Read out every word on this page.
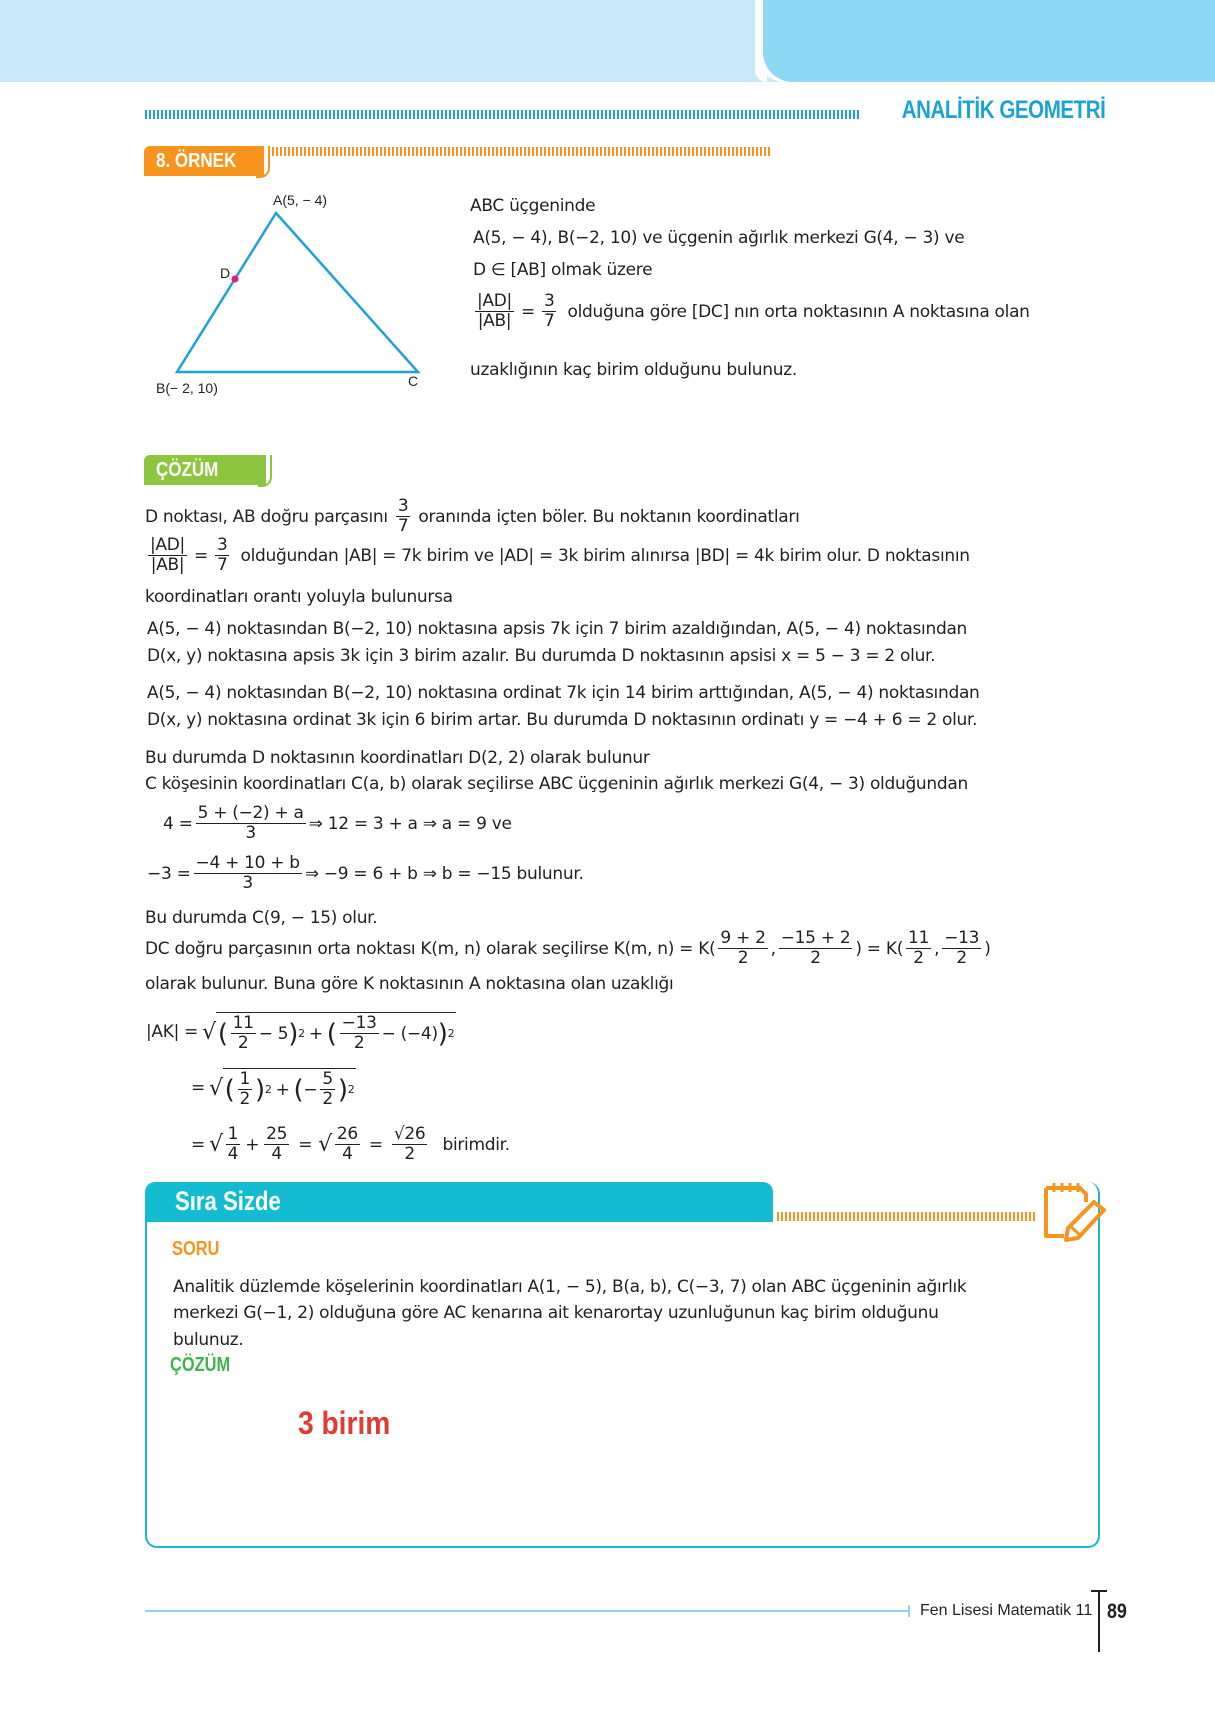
ANALİTİK GEOMETRİ
8. ÖRNEK
A(5, − 4)
B(− 2, 10)	C
D
ABC üçgeninde
A(5, − 4), B(−2, 10) ve üçgenin ağırlık merkezi G(4, − 3) ve
D ∈ [AB] olmak üzere
$\frac{|AD|}{|AB|} = \frac{3}{7}$ olduğuna göre [DC] nın orta noktasının A noktasına olan
uzaklığının kaç birim olduğunu bulunuz.
ÇÖZÜM
D noktası, AB doğru parçasını $\frac{3}{7}$ oranında içten böler. Bu noktanın koordinatları
$\frac{|AD|}{|AB|} = \frac{3}{7}$ olduğundan |AB| = 7k birim ve |AD| = 3k birim alınırsa |BD| = 4k birim olur. D noktasının
koordinatları orantı yoluyla bulunursa
A(5, − 4) noktasından B(−2, 10) noktasına apsis 7k için 7 birim azaldığından, A(5, − 4) noktasından
D(x, y) noktasına apsis 3k için 3 birim azalır. Bu durumda D noktasının apsisi x = 5 − 3 = 2 olur.
A(5, − 4) noktasından B(−2, 10) noktasına ordinat 7k için 14 birim arttığından, A(5, − 4) noktasından
D(x, y) noktasına ordinat 3k için 6 birim artar. Bu durumda D noktasının ordinatı y = −4 + 6 = 2 olur.
Bu durumda D noktasının koordinatları D(2, 2) olarak bulunur
C köşesinin koordinatları C(a, b) olarak seçilirse ABC üçgeninin ağırlık merkezi G(4, − 3) olduğundan
$4 = \frac{5 + (-2) + a}{3}$ ⇒ 12 = 3 + a ⇒ a = 9 ve
$-3 = \frac{-4 + 10 + b}{3}$ ⇒ −9 = 6 + b ⇒ b = −15 bulunur.
Bu durumda C(9, − 15) olur.
DC doğru parçasının orta noktası K(m, n) olarak seçilirse K(m, $n) = K( \frac{9 + 2}{2}$ , $\frac{-15 + 2}{2}$ ) = $K( \frac{11}{2}$ , $\frac{-13}{2}$ )
olarak bulunur. Buna göre K noktasının A noktasına olan uzaklığı
|AK| = √ ( $\frac{11}{2} - 5$ ) 2 + ( $\frac{-13}{2} - (-4)$ ) 2
= √ ( $\frac{1}{2}$ ) 2 + ( − $\frac{5}{2}$ ) 2
= √ $\frac{1}{4} + \frac{25}{4}$ = √ $\frac{26}{4} = \frac{√26}{2}$ birimdir.
Sıra Sizde
SORU
Analitik düzlemde köşelerinin koordinatları A(1, − 5), B(a, b), C(−3, 7) olan ABC üçgeninin ağırlık
merkezi G(−1, 2) olduğuna göre AC kenarına ait kenarortay uzunluğunun kaç birim olduğunu
bulunuz.
ÇÖZÜM
3 birim
Fen Lisesi Matematik 11 89
